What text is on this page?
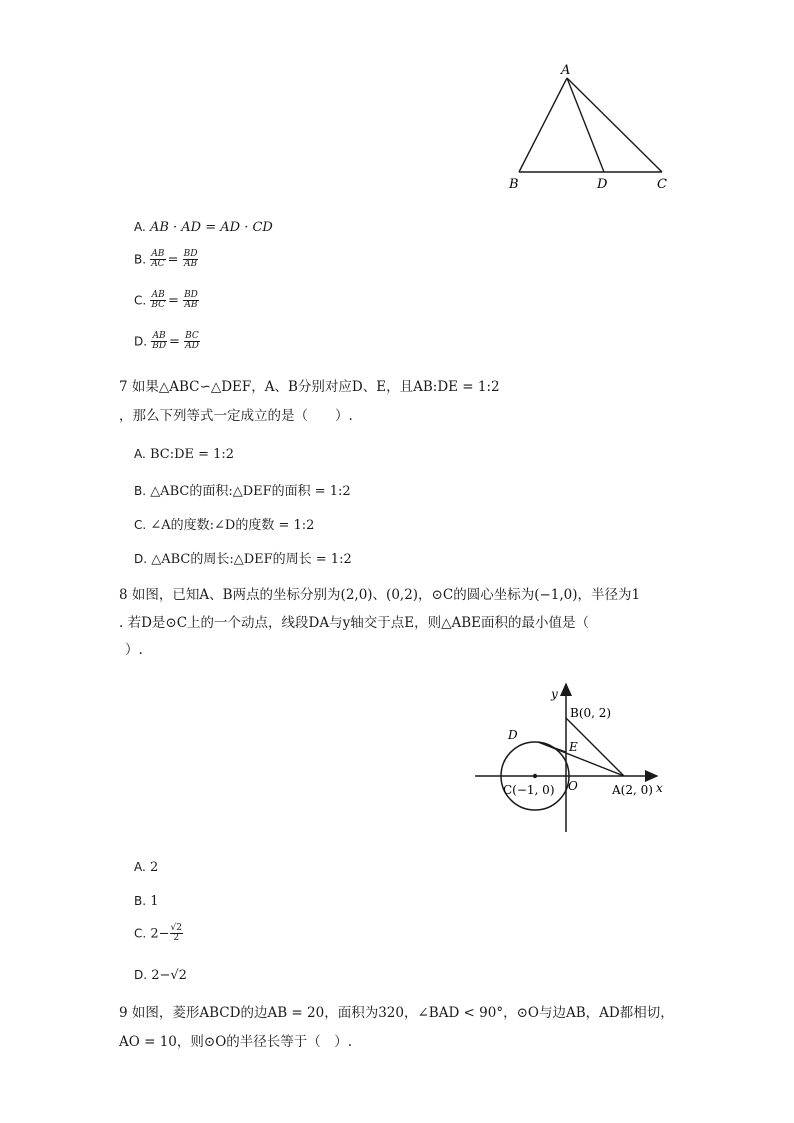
A
B	D	C
A. AB · AD = AD · CD
B. $\frac{AB}{AC} = \frac{BD}{AB}$
C. $\frac{AB}{BC} = \frac{BD}{AB}$
D. $\frac{AB}{BD} = \frac{BC}{AD}$
7 如果△ABC∽△DEF，A、B分别对应D、E，且AB:DE = 1:2
，那么下列等式一定成立的是（　　）.
A. BC:DE = 1:2
B. △ABC的面积:△DEF的面积 = 1:2
C. ∠A的度数:∠D的度数 = 1:2
D. △ABC的周长:△DEF的周长 = 1:2
8 如图，已知A、B两点的坐标分别为(2,0)、(0,2)，⊙C的圆心坐标为(−1,0)，半径为1
. 若D是⊙C上的一个动点，线段DA与y轴交于点E，则△ABE面积的最小值是（
）.
y
x
B(0, 2)
D
E
C(−1, 0) O	A(2, 0)
A. 2
B. 1
C. $2- \frac{√2}{2}$
D. 2−√2
9 如图，菱形ABCD的边AB = 20，面积为320，∠BAD < 90°，⊙O与边AB，AD都相切，
AO = 10，则⊙O的半径长等于（　）.
